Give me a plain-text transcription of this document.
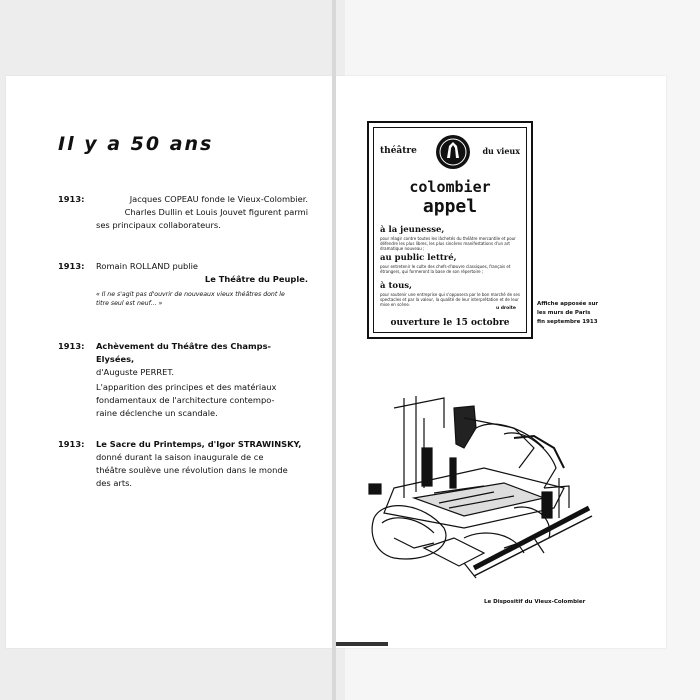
Il y a 50 ans
1913:	Jacques COPEAU fonde le Vieux-Colombier.
Charles Dullin et Louis Jouvet figurent parmi
ses principaux collaborateurs.
1913: Romain ROLLAND publie
Le Théâtre du Peuple.
« Il ne s'agit pas d'ouvrir de nouveaux vieux théâtres dont le
titre seul est neuf... »
1913: Achèvement du Théâtre des Champs-Elysées,
d'Auguste PERRET.
L'apparition des principes et des matériaux
fondamentaux de l'architecture contempo-
raine déclenche un scandale.
1913: Le Sacre du Printemps, d'Igor STRAWINSKY,
donné durant la saison inaugurale de ce
théâtre soulève une révolution dans le monde
des arts.
théâtre	du vieux
colombier
appel
à la jeunesse,
pour réagir contre toutes les lâchetés du théâtre mercantile et pour défendre les plus libres, les plus sincères manifestations d'un art dramatique nouveau ;
au public lettré,
pour entretenir le culte des chefs-d'œuvre classiques, français et étrangers, qui formeront la base de son répertoire ;
à tous,
pour soutenir une entreprise qui s'opposera par le bon marché de ses spectacles et par la valeur, la qualité de leur interprétation et de leur mise en scène.
u droite
ouverture le 15 octobre
Affiche apposée sur
les murs de Paris
fin septembre 1913
Le Dispositif du Vieux-Colombier
